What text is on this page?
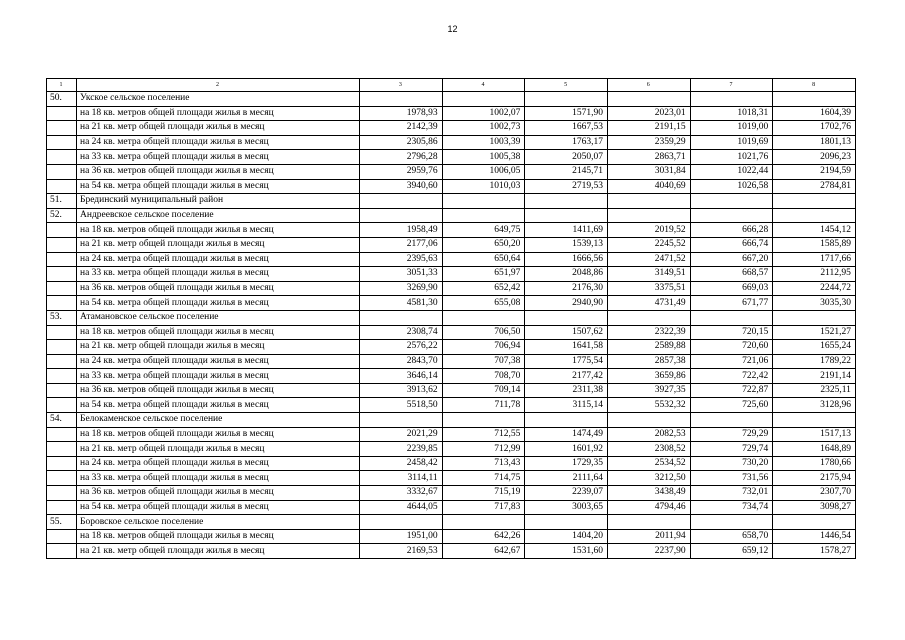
12
1	2	3	4	5	6	7	8
50.	Укское сельское поселение						
	на 18 кв. метров общей площади жилья в месяц	1978,93	1002,07	1571,90	2023,01	1018,31	1604,39
	на 21 кв. метр общей площади жилья в месяц	2142,39	1002,73	1667,53	2191,15	1019,00	1702,76
	на 24 кв. метра общей площади жилья в месяц	2305,86	1003,39	1763,17	2359,29	1019,69	1801,13
	на 33 кв. метра общей площади жилья в месяц	2796,28	1005,38	2050,07	2863,71	1021,76	2096,23
	на 36 кв. метров общей площади жилья в месяц	2959,76	1006,05	2145,71	3031,84	1022,44	2194,59
	на 54 кв. метра общей площади жилья в месяц	3940,60	1010,03	2719,53	4040,69	1026,58	2784,81
51.	Брединский муниципальный район						
52.	Андреевское сельское поселение						
	на 18 кв. метров общей площади жилья в месяц	1958,49	649,75	1411,69	2019,52	666,28	1454,12
	на 21 кв. метр общей площади жилья в месяц	2177,06	650,20	1539,13	2245,52	666,74	1585,89
	на 24 кв. метра общей площади жилья в месяц	2395,63	650,64	1666,56	2471,52	667,20	1717,66
	на 33 кв. метра общей площади жилья в месяц	3051,33	651,97	2048,86	3149,51	668,57	2112,95
	на 36 кв. метров общей площади жилья в месяц	3269,90	652,42	2176,30	3375,51	669,03	2244,72
	на 54 кв. метра общей площади жилья в месяц	4581,30	655,08	2940,90	4731,49	671,77	3035,30
53.	Атамановское сельское поселение						
	на 18 кв. метров общей площади жилья в месяц	2308,74	706,50	1507,62	2322,39	720,15	1521,27
	на 21 кв. метр общей площади жилья в месяц	2576,22	706,94	1641,58	2589,88	720,60	1655,24
	на 24 кв. метра общей площади жилья в месяц	2843,70	707,38	1775,54	2857,38	721,06	1789,22
	на 33 кв. метра общей площади жилья в месяц	3646,14	708,70	2177,42	3659,86	722,42	2191,14
	на 36 кв. метров общей площади жилья в месяц	3913,62	709,14	2311,38	3927,35	722,87	2325,11
	на 54 кв. метра общей площади жилья в месяц	5518,50	711,78	3115,14	5532,32	725,60	3128,96
54.	Белокаменское сельское поселение						
	на 18 кв. метров общей площади жилья в месяц	2021,29	712,55	1474,49	2082,53	729,29	1517,13
	на 21 кв. метр общей площади жилья в месяц	2239,85	712,99	1601,92	2308,52	729,74	1648,89
	на 24 кв. метра общей площади жилья в месяц	2458,42	713,43	1729,35	2534,52	730,20	1780,66
	на 33 кв. метра общей площади жилья в месяц	3114,11	714,75	2111,64	3212,50	731,56	2175,94
	на 36 кв. метров общей площади жилья в месяц	3332,67	715,19	2239,07	3438,49	732,01	2307,70
	на 54 кв. метра общей площади жилья в месяц	4644,05	717,83	3003,65	4794,46	734,74	3098,27
55.	Боровское сельское поселение						
	на 18 кв. метров общей площади жилья в месяц	1951,00	642,26	1404,20	2011,94	658,70	1446,54
	на 21 кв. метр общей площади жилья в месяц	2169,53	642,67	1531,60	2237,90	659,12	1578,27
